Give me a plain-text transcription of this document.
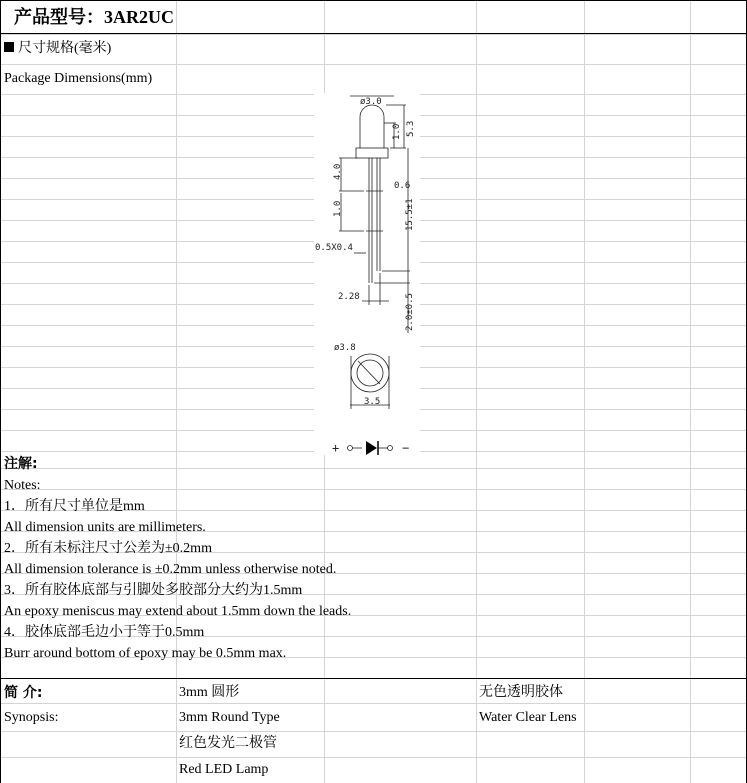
产品型号：3AR2UC
尺寸规格(毫米)
Package Dimensions(mm)
ø3.0
1.0 5.3
4.0
1.0
0.6
15.5±1
0.5X0.4
2.28	2.0±0.5
ø3.8
3.5
+	−
注解:
Notes:
1．所有尺寸单位是mm
All dimension units are millimeters.
2．所有未标注尺寸公差为±0.2mm
All dimension tolerance is ±0.2mm unless otherwise noted.
3．所有胶体底部与引脚处多胶部分大约为1.5mm
An epoxy meniscus may extend about 1.5mm down the leads.
4．胶体底部毛边小于等于0.5mm
Burr around bottom of epoxy may be 0.5mm max.
简 介:
Synopsis:
3mm 圆形
3mm Round Type
无色透明胶体
Water Clear Lens
红色发光二极管
Red LED Lamp
